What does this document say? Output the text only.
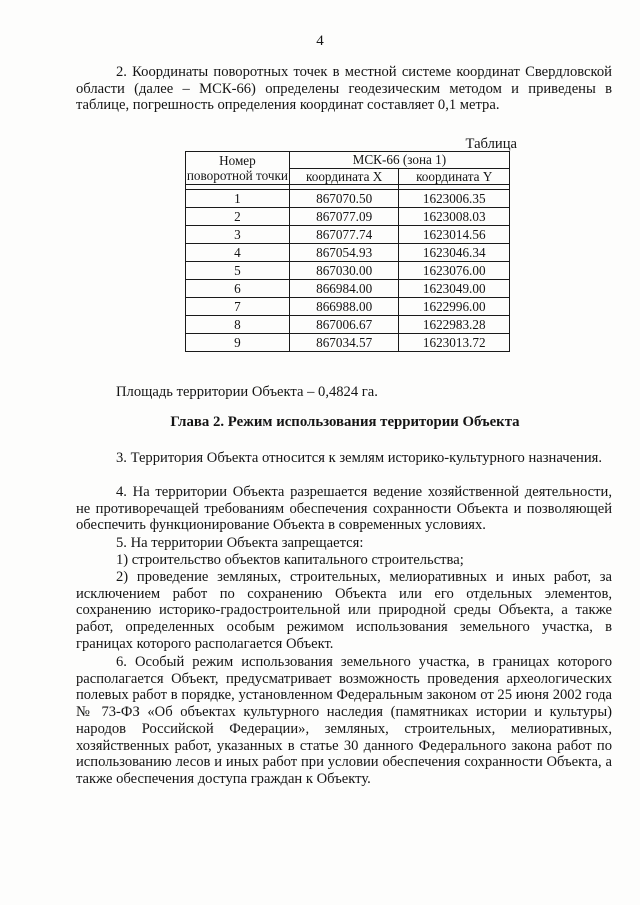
4
2. Координаты поворотных точек в местной системе координат Свердловской области (далее – МСК-66) определены геодезическим методом и приведены в таблице, погрешность определения координат составляет 0,1 метра.
Таблица
Номер поворотной точки	МСК-66 (зона 1)	
	координата X	координата Y

1	867070.50	1623006.35
2	867077.09	1623008.03
3	867077.74	1623014.56
4	867054.93	1623046.34
5	867030.00	1623076.00
6	866984.00	1623049.00
7	866988.00	1622996.00
8	867006.67	1622983.28
9	867034.57	1623013.72
Площадь территории Объекта – 0,4824 га.
Глава 2. Режим использования территории Объекта
3. Территория Объекта относится к землям историко-культурного назначения.
4. На территории Объекта разрешается ведение хозяйственной деятельности, не противоречащей требованиям обеспечения сохранности Объекта и позволяющей обеспечить функционирование Объекта в современных условиях.
5. На территории Объекта запрещается:
1) строительство объектов капитального строительства;
2) проведение земляных, строительных, мелиоративных и иных работ, за исключением работ по сохранению Объекта или его отдельных элементов, сохранению историко-градостроительной или природной среды Объекта, а также работ, определенных особым режимом использования земельного участка, в границах которого располагается Объект.
6. Особый режим использования земельного участка, в границах которого располагается Объект, предусматривает возможность проведения археологических полевых работ в порядке, установленном Федеральным законом от 25 июня 2002 года № 73-ФЗ «Об объектах культурного наследия (памятниках истории и культуры) народов Российской Федерации», земляных, строительных, мелиоративных, хозяйственных работ, указанных в статье 30 данного Федерального закона работ по использованию лесов и иных работ при условии обеспечения сохранности Объекта, а также обеспечения доступа граждан к Объекту.
